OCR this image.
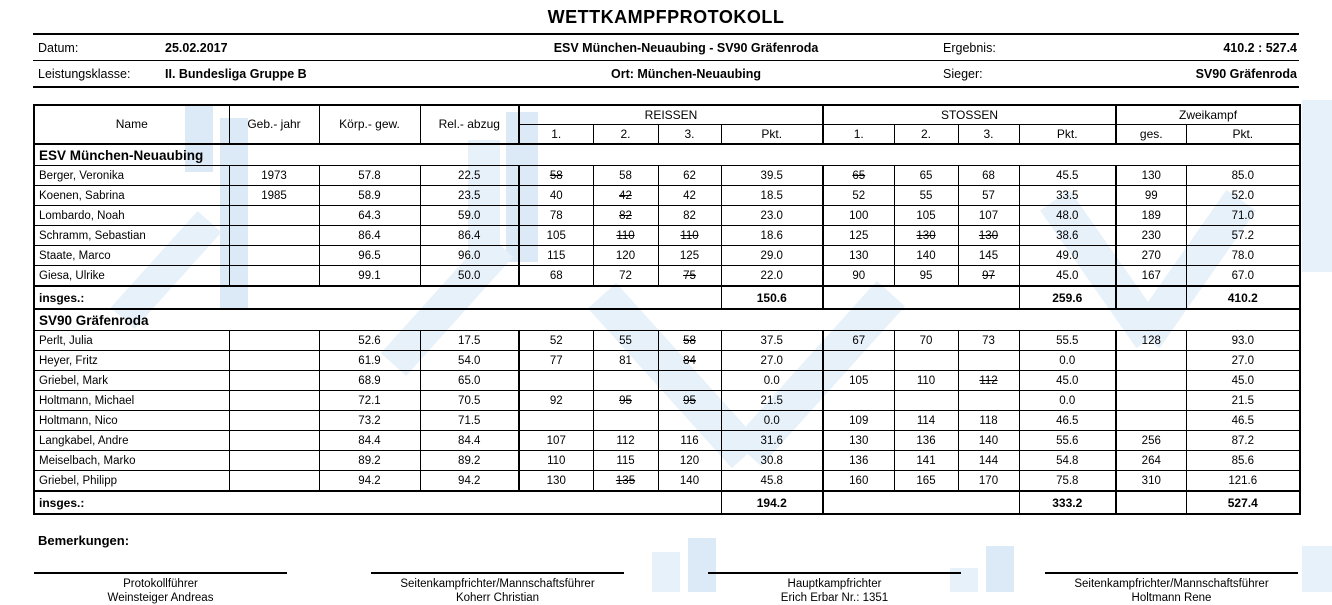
WETTKAMPFPROTOKOLL
Datum:	25.02.2017	ESV München-Neuaubing - SV90 Gräfenroda	Ergebnis:	410.2 : 527.4
Leistungsklasse:	II. Bundesliga Gruppe B	Ort: München-Neuaubing	Sieger:	SV90 Gräfenroda
Name	Geb.- jahr	Körp.- gew.	Rel.- abzug	REISSEN				STOSSEN				Zweikampf	
				1.	2.	3.	Pkt.	1.	2.	3.	Pkt.	ges.	Pkt.
ESV München-Neuaubing													
Berger, Veronika	1973	57.8	22.5	58	58	62	39.5	65	65	68	45.5	130	85.0
Koenen, Sabrina	1985	58.9	23.5	40	42	42	18.5	52	55	57	33.5	99	52.0
Lombardo, Noah		64.3	59.0	78	82	82	23.0	100	105	107	48.0	189	71.0
Schramm, Sebastian		86.4	86.4	105	110	110	18.6	125	130	130	38.6	230	57.2
Staate, Marco		96.5	96.0	115	120	125	29.0	130	140	145	49.0	270	78.0
Giesa, Ulrike		99.1	50.0	68	72	75	22.0	90	95	97	45.0	167	67.0
insges.:							150.6				259.6		410.2
SV90 Gräfenroda													
Perlt, Julia		52.6	17.5	52	55	58	37.5	67	70	73	55.5	128	93.0
Heyer, Fritz		61.9	54.0	77	81	84	27.0				0.0		27.0
Griebel, Mark		68.9	65.0				0.0	105	110	112	45.0		45.0
Holtmann, Michael		72.1	70.5	92	95	95	21.5				0.0		21.5
Holtmann, Nico		73.2	71.5				0.0	109	114	118	46.5		46.5
Langkabel, Andre		84.4	84.4	107	112	116	31.6	130	136	140	55.6	256	87.2
Meiselbach, Marko		89.2	89.2	110	115	120	30.8	136	141	144	54.8	264	85.6
Griebel, Philipp		94.2	94.2	130	135	140	45.8	160	165	170	75.8	310	121.6
insges.:							194.2				333.2		527.4
Bemerkungen:
Protokollführer
Weinsteiger Andreas
Seitenkampfrichter/Mannschaftsführer
Koherr Christian
Hauptkampfrichter
Erich Erbar Nr.: 1351
Seitenkampfrichter/Mannschaftsführer
Holtmann Rene
